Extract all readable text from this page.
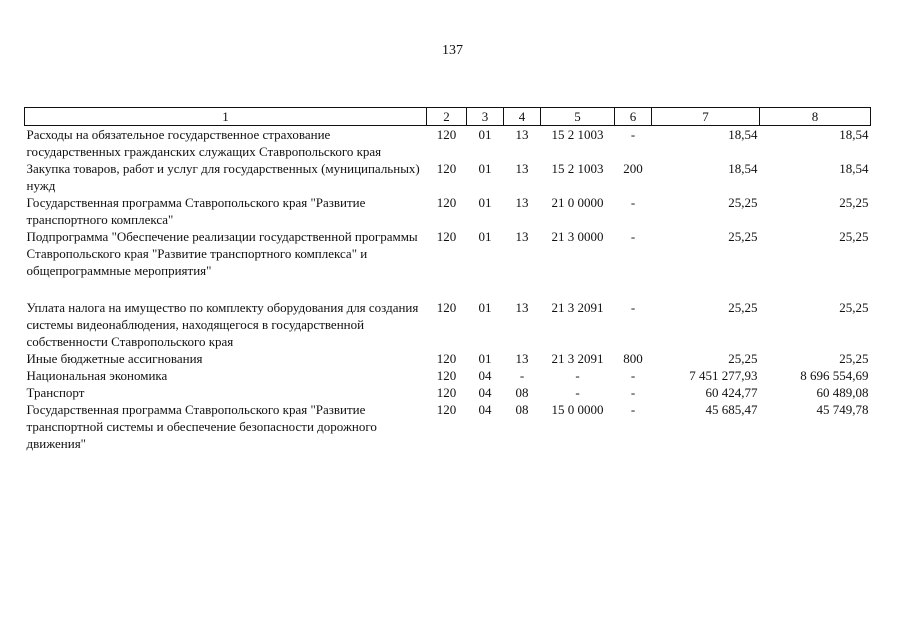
137
1	2	3	4	5	6	7	8
Расходы на обязательное государственное страхование государственных гражданских служащих Ставропольского края	120	01	13	15 2 1003	-	18,54	18,54
Закупка товаров, работ и услуг для государственных (муниципальных) нужд	120	01	13	15 2 1003	200	18,54	18,54
Государственная программа Ставропольского края "Развитие транспортного комплекса"	120	01	13	21 0 0000	-	25,25	25,25
Подпрограмма "Обеспечение реализации государственной программы Ставропольского края "Развитие транспортного комплекса" и общепрограммные мероприятия"	120	01	13	21 3 0000	-	25,25	25,25

Уплата налога на имущество по комплекту оборудования для создания системы видеонаблюдения, находящегося в государственной собственности Ставропольского края	120	01	13	21 3 2091	-	25,25	25,25
Иные бюджетные ассигнования	120	01	13	21 3 2091	800	25,25	25,25
Национальная экономика	120	04	-	-	-	7 451 277,93	8 696 554,69
Транспорт	120	04	08	-	-	60 424,77	60 489,08
Государственная программа Ставропольского края "Развитие транспортной системы и обеспечение безопасности дорожного движения"	120	04	08	15 0 0000	-	45 685,47	45 749,78
